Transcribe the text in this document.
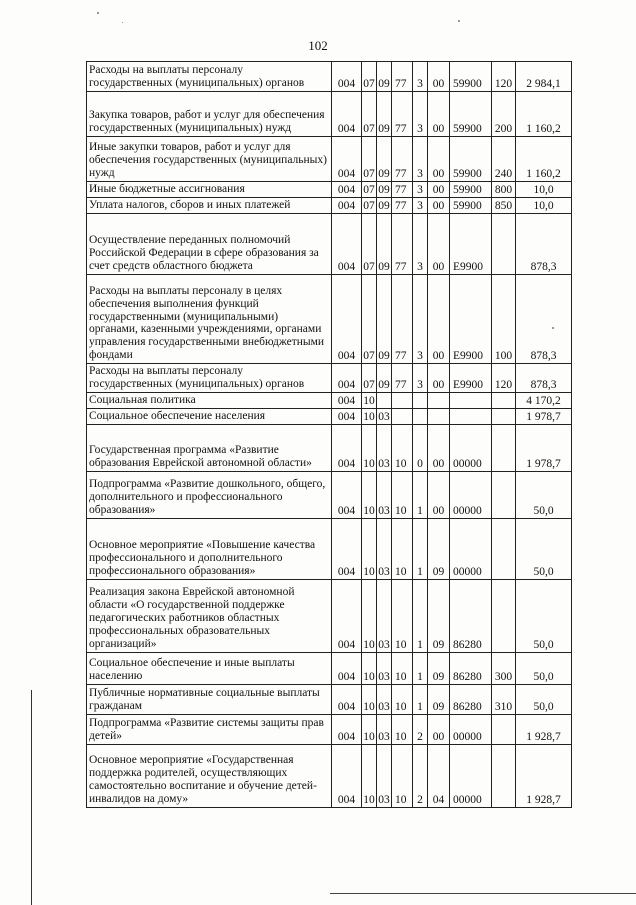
102
Расходы на выплаты персоналу государственных (муниципальных) органов	004	07	09	77	3	00	59900	120	2 984,1
Закупка товаров, работ и услуг для обеспечения государственных (муниципальных) нужд	004	07	09	77	3	00	59900	200	1 160,2
Иные закупки товаров, работ и услуг для обеспечения государственных (муниципальных) нужд	004	07	09	77	3	00	59900	240	1 160,2
Иные бюджетные ассигнования	004	07	09	77	3	00	59900	800	10,0
Уплата налогов, сборов и иных платежей	004	07	09	77	3	00	59900	850	10,0
Осуществление переданных полномочий Российской Федерации в сфере образования за счет средств областного бюджета	004	07	09	77	3	00	E9900		878,3
Расходы на выплаты персоналу в целях обеспечения выполнения функций государственными (муниципальными) органами, казенными учреждениями, органами управления государственными внебюджетными фондами	004	07	09	77	3	00	E9900	100	878,3
Расходы на выплаты персоналу государственных (муниципальных) органов	004	07	09	77	3	00	E9900	120	878,3
Социальная политика	004	10							4 170,2
Социальное обеспечение населения	004	10	03						1 978,7
Государственная программа «Развитие образования Еврейской автономной области»	004	10	03	10	0	00	00000		1 978,7
Подпрограмма «Развитие дошкольного, общего, дополнительного и профессионального образования»	004	10	03	10	1	00	00000		50,0
Основное мероприятие «Повышение качества профессионального и дополнительного профессионального образования»	004	10	03	10	1	09	00000		50,0
Реализация закона Еврейской автономной области «О государственной поддержке педагогических работников областных профессиональных образовательных организаций»	004	10	03	10	1	09	86280		50,0
Социальное обеспечение и иные выплаты населению	004	10	03	10	1	09	86280	300	50,0
Публичные нормативные социальные выплаты гражданам	004	10	03	10	1	09	86280	310	50,0
Подпрограмма «Развитие системы защиты прав детей»	004	10	03	10	2	00	00000		1 928,7
Основное мероприятие «Государственная поддержка родителей, осуществляющих самостоятельно воспитание и обучение детей-инвалидов на дому»	004	10	03	10	2	04	00000		1 928,7
